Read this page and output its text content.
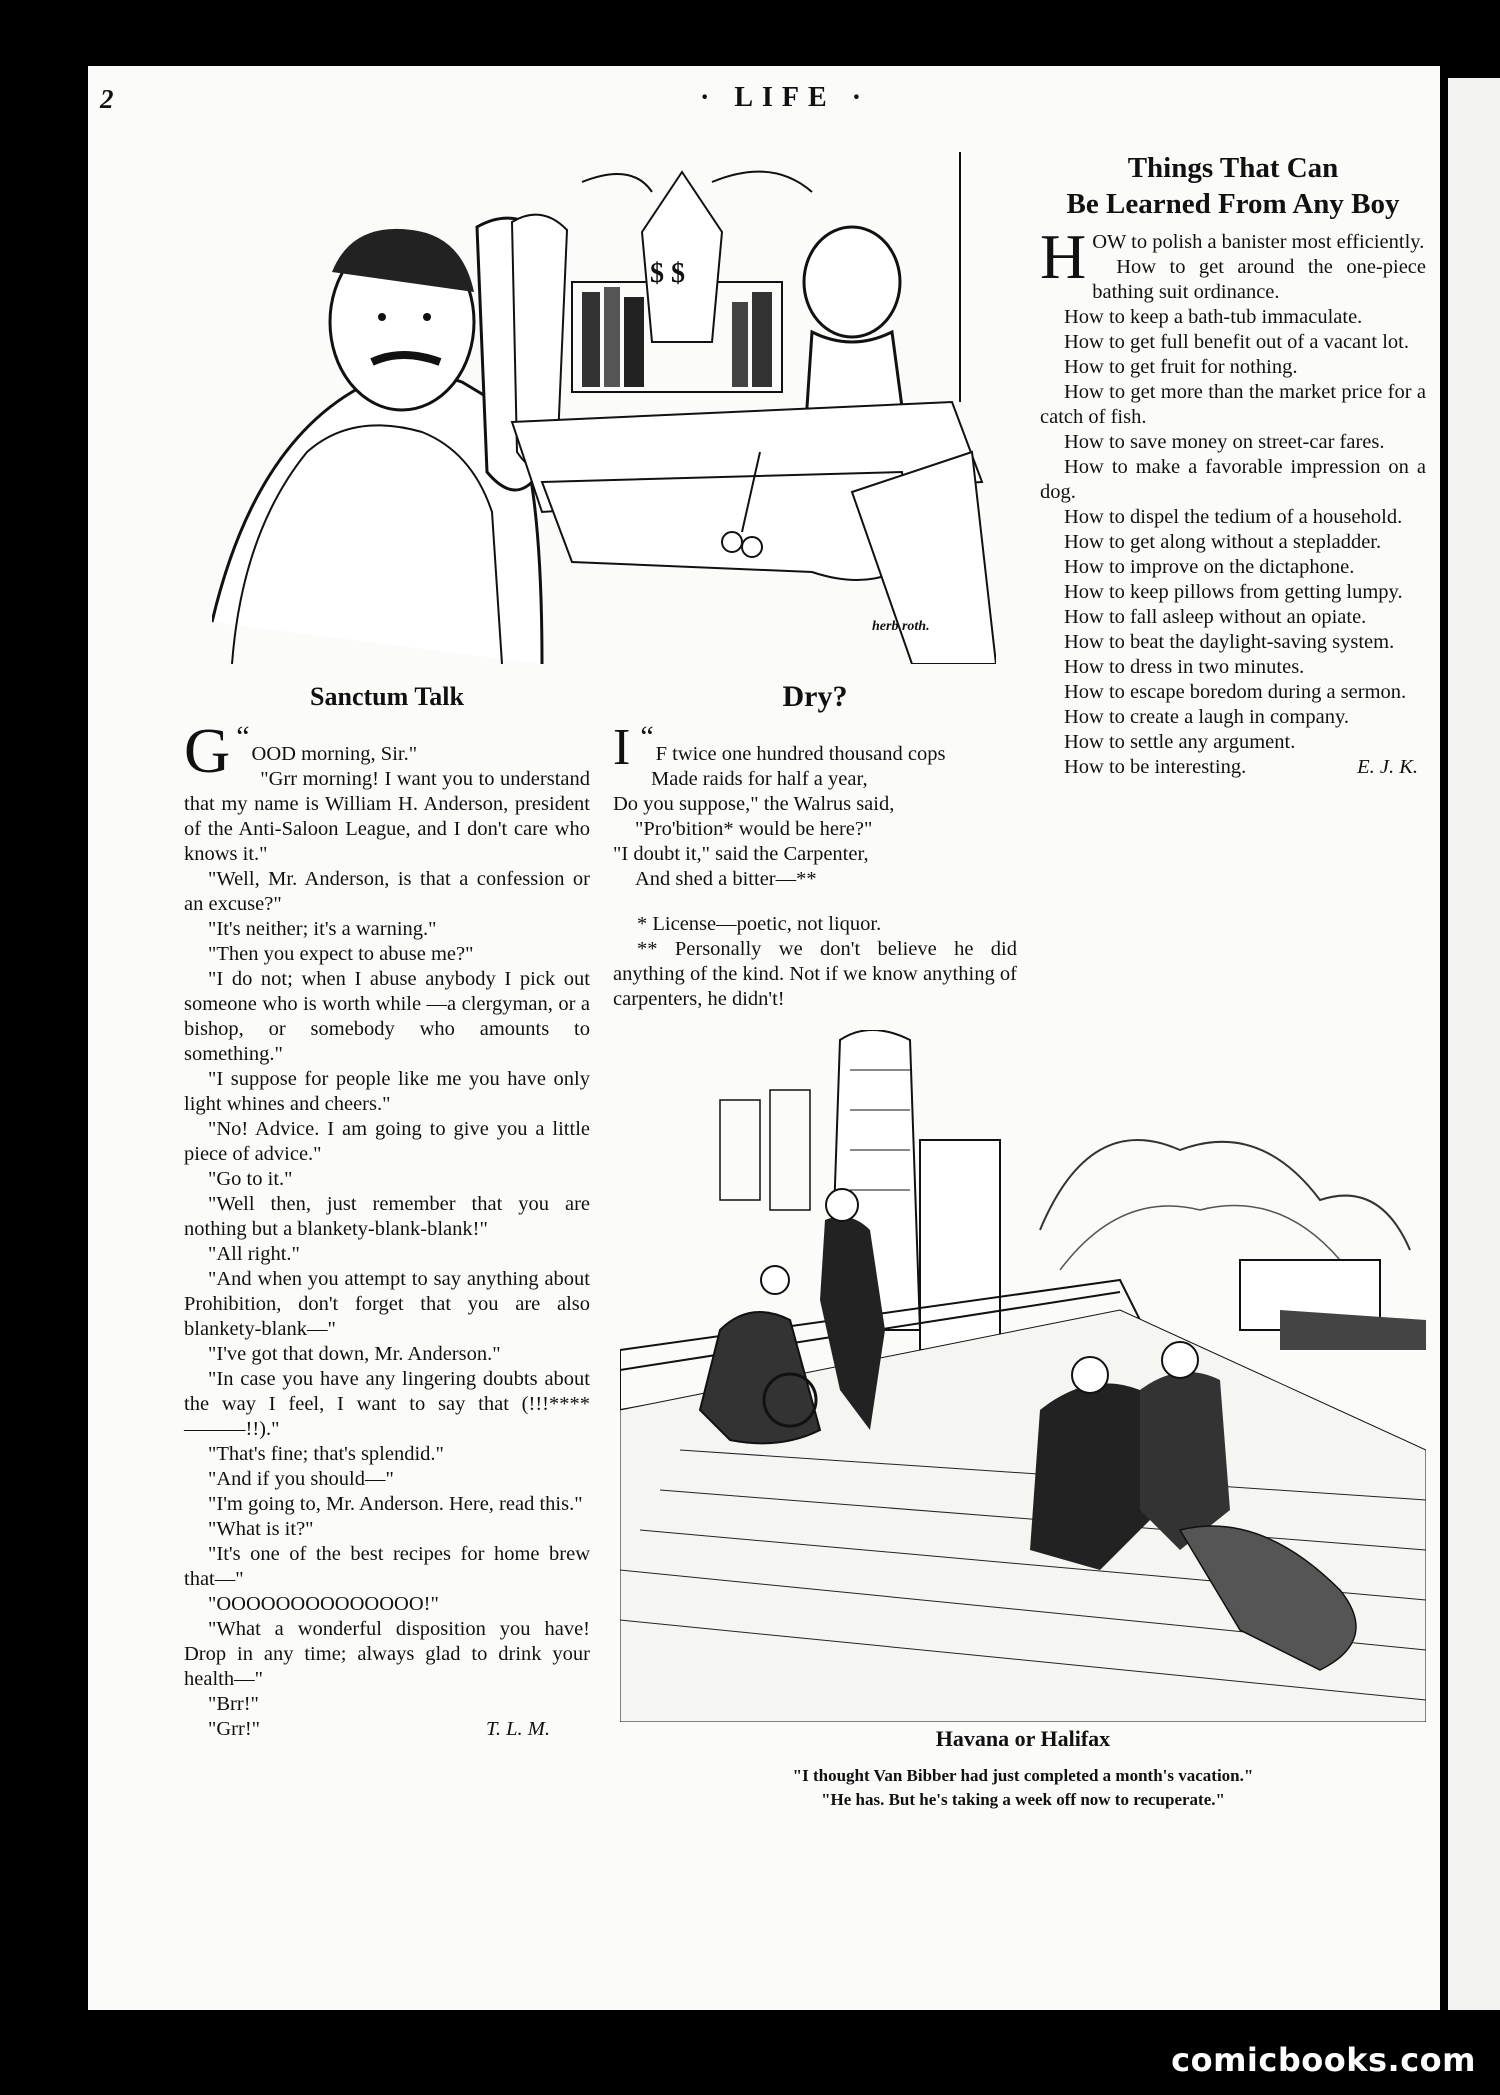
2	· LIFE ·
$ $
herb roth.
Things That Can
Be Learned From Any Boy

HOW to polish a banister most efficiently.

How to get around the one-piece bathing suit ordinance.

How to keep a bath-tub immaculate.

How to get full benefit out of a vacant lot.

How to get fruit for nothing.

How to get more than the market price for a catch of fish.

How to save money on street-car fares.

How to make a favorable impression on a dog.

How to dispel the tedium of a household.

How to get along without a stepladder.

How to improve on the dictaphone.

How to keep pillows from getting lumpy.

How to fall asleep without an opiate.

How to beat the daylight-saving system.

How to dress in two minutes.

How to escape boredom during a sermon.

How to create a laugh in company.

How to settle any argument.

How to be interesting.	E. J. K.

Sanctum Talk

“
G OOD morning, Sir."

"Grr morning! I want you to understand that my name is William H. Anderson, president of the Anti-Saloon League, and I don't care who knows it."

"Well, Mr. Anderson, is that a confession or an excuse?"

"It's neither; it's a warning."

"Then you expect to abuse me?"

"I do not; when I abuse anybody I pick out someone who is worth while —a clergyman, or a bishop, or somebody who amounts to something."

"I suppose for people like me you have only light whines and cheers."

"No! Advice. I am going to give you a little piece of advice."

"Go to it."

"Well then, just remember that you are nothing but a blankety-blank-blank!"

"All right."

"And when you attempt to say anything about Prohibition, don't forget that you are also blankety-blank—"

"I've got that down, Mr. Anderson."

"In case you have any lingering doubts about the way I feel, I want to say that (!!!****———!!)."

"That's fine; that's splendid."

"And if you should—"

"I'm going to, Mr. Anderson. Here, read this."

"What is it?"

"It's one of the best recipes for home brew that—"

"OOOOOOOOOOOOOO!"

"What a wonderful disposition you have! Drop in any time; always glad to drink your health—"

"Brr!"

"Grr!"	T. L. M.

Dry?

“
I F twice one hundred thousand cops

Made raids for half a year,

Do you suppose," the Walrus said,

"Pro'bition* would be here?"

"I doubt it," said the Carpenter,

And shed a bitter—**

* License—poetic, not liquor.

** Personally we don't believe he did anything of the kind. Not if we know anything of carpenters, he didn't!

Havana or Halifax
"I thought Van Bibber had just completed a month's vacation."
"He has. But he's taking a week off now to recuperate."
comicbooks.com
